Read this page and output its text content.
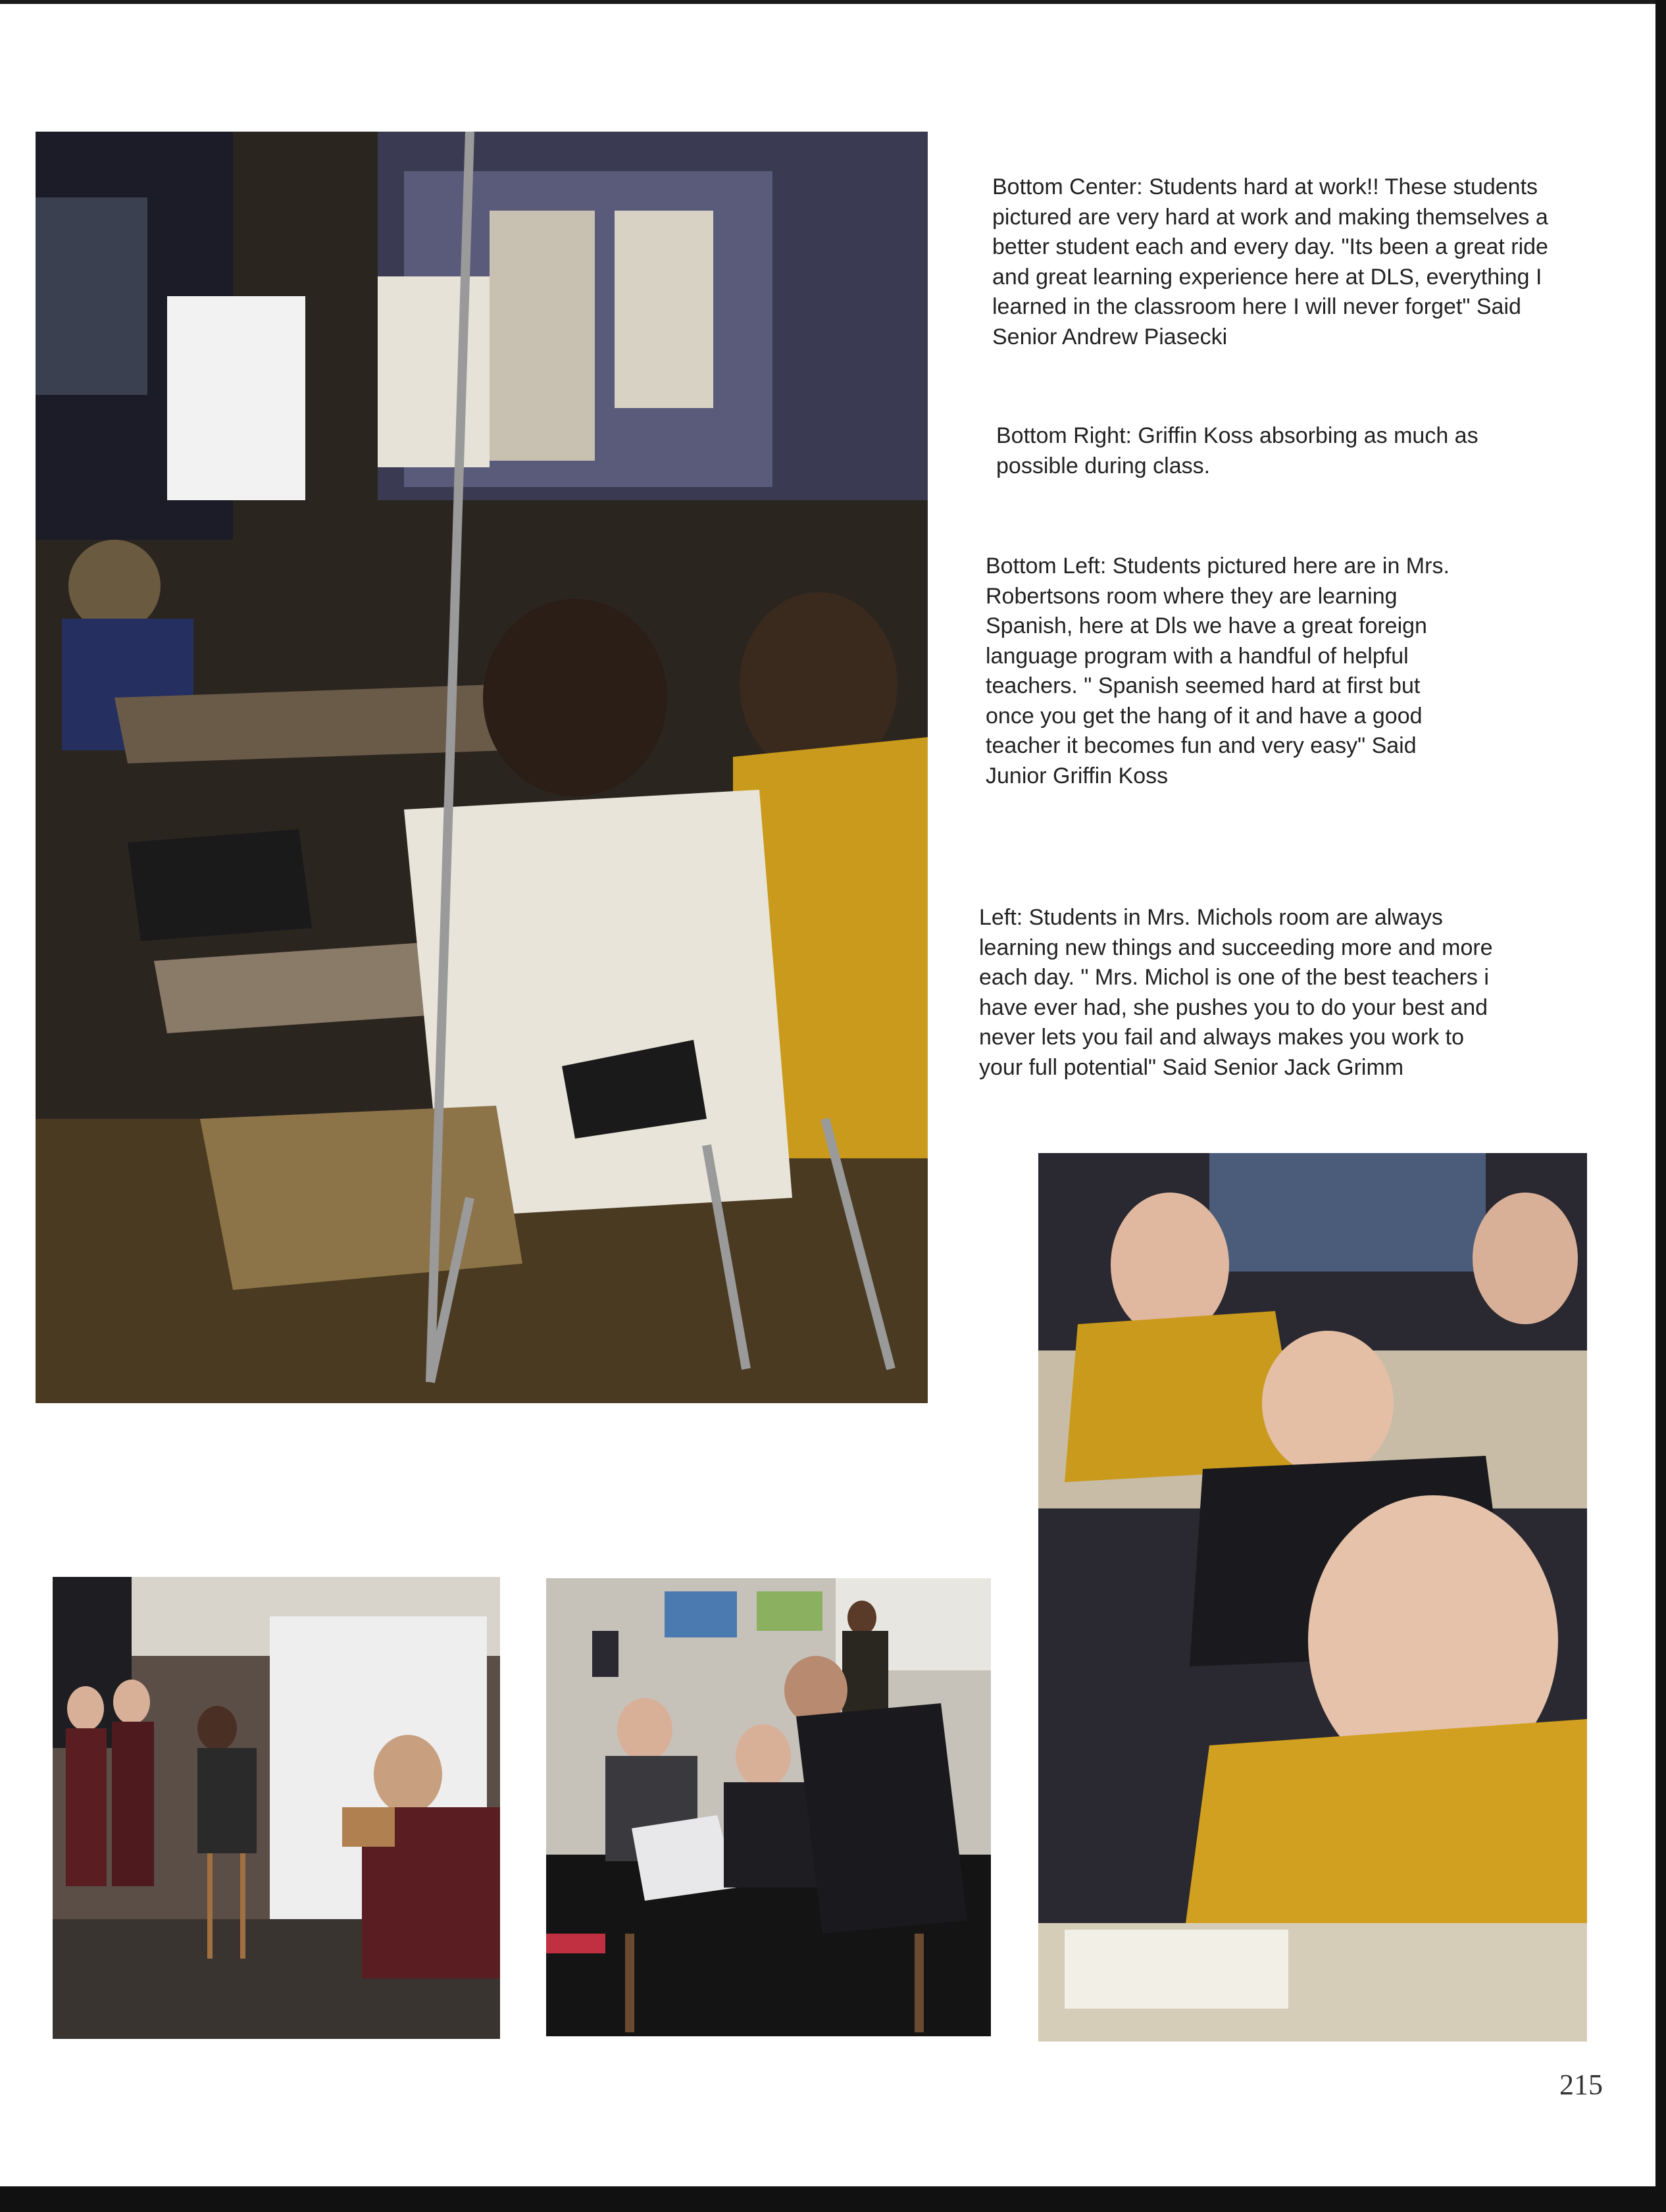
Bottom Center: Students hard at work!! These students pictured are very hard at work and making themselves a better student each and every day. "Its been a great ride and great learning experience here at DLS, everything I learned in the classroom here I will never forget" Said Senior Andrew Piasecki

Bottom Right: Griffin Koss absorbing as much as possible during class.

Bottom Left: Students pictured here are in Mrs. Robertsons room where they are learning Spanish, here at Dls we have a great foreign language program with a handful of helpful teachers. " Spanish seemed hard at first but once you get the hang of it and have a good teacher it becomes fun and very easy" Said Junior Griffin Koss

Left: Students in Mrs. Michols room are always learning new things and succeeding more and more each day. " Mrs. Michol is one of the best teachers i have ever had, she pushes you to do your best and never lets you fail and always makes you work to your full potential" Said Senior Jack Grimm

215
